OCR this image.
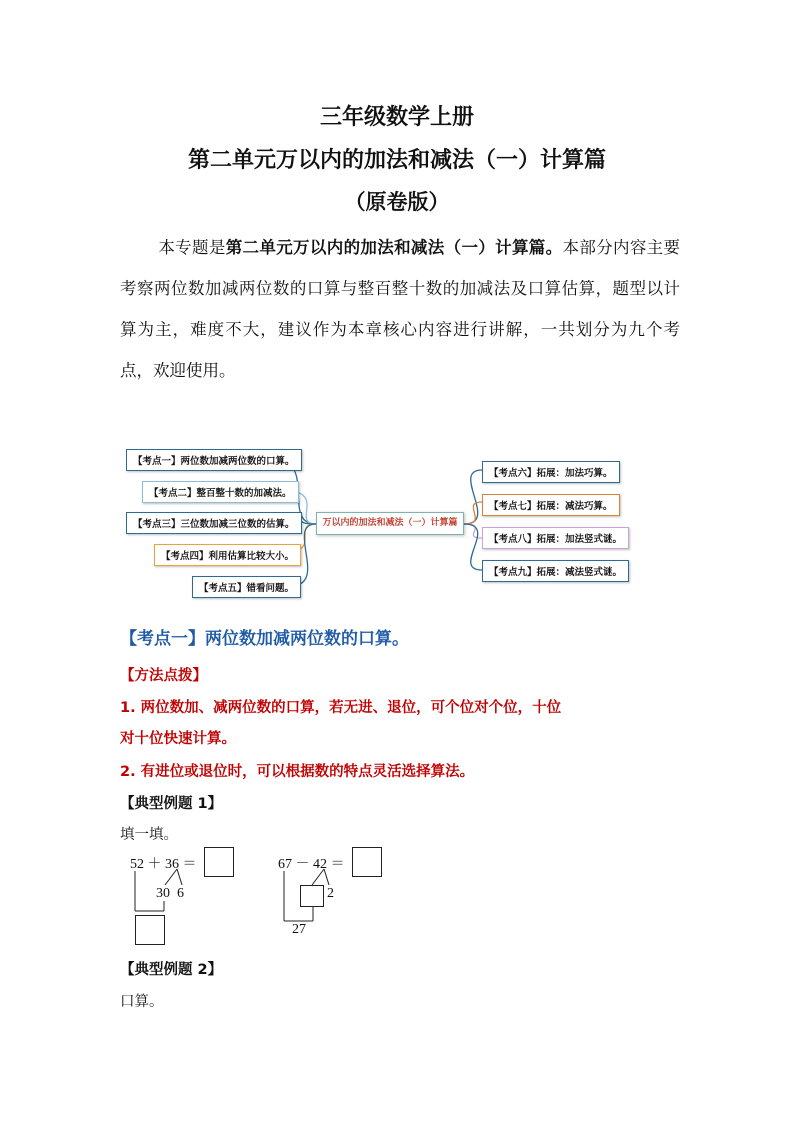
三年级数学上册
第二单元万以内的加法和减法（一）计算篇
（原卷版）
本专题是第二单元万以内的加法和减法（一）计算篇。本部分内容主要考察两位数加减两位数的口算与整百整十数的加减法及口算估算，题型以计算为主，难度不大，建议作为本章核心内容进行讲解，一共划分为九个考点，欢迎使用。
【考点一】两位数加减两位数的口算。
【考点二】整百整十数的加减法。
【考点三】三位数加减三位数的估算。
【考点四】利用估算比较大小。
【考点五】错看问题。
万以内的加法和减法（一）计算篇
【考点六】拓展：加法巧算。
【考点七】拓展：减法巧算。
【考点八】拓展：加法竖式谜。
【考点九】拓展：减法竖式谜。
【考点一】两位数加减两位数的口算。
【方法点拨】
1. 两位数加、减两位数的口算，若无进、退位，可个位对个位，十位
对十位快速计算。
2. 有进位或退位时，可以根据数的特点灵活选择算法。
【典型例题 1】
填一填。
52 ＋ 36 ＝
30 6
67 － 42 ＝
2
27
【典型例题 2】
口算。
